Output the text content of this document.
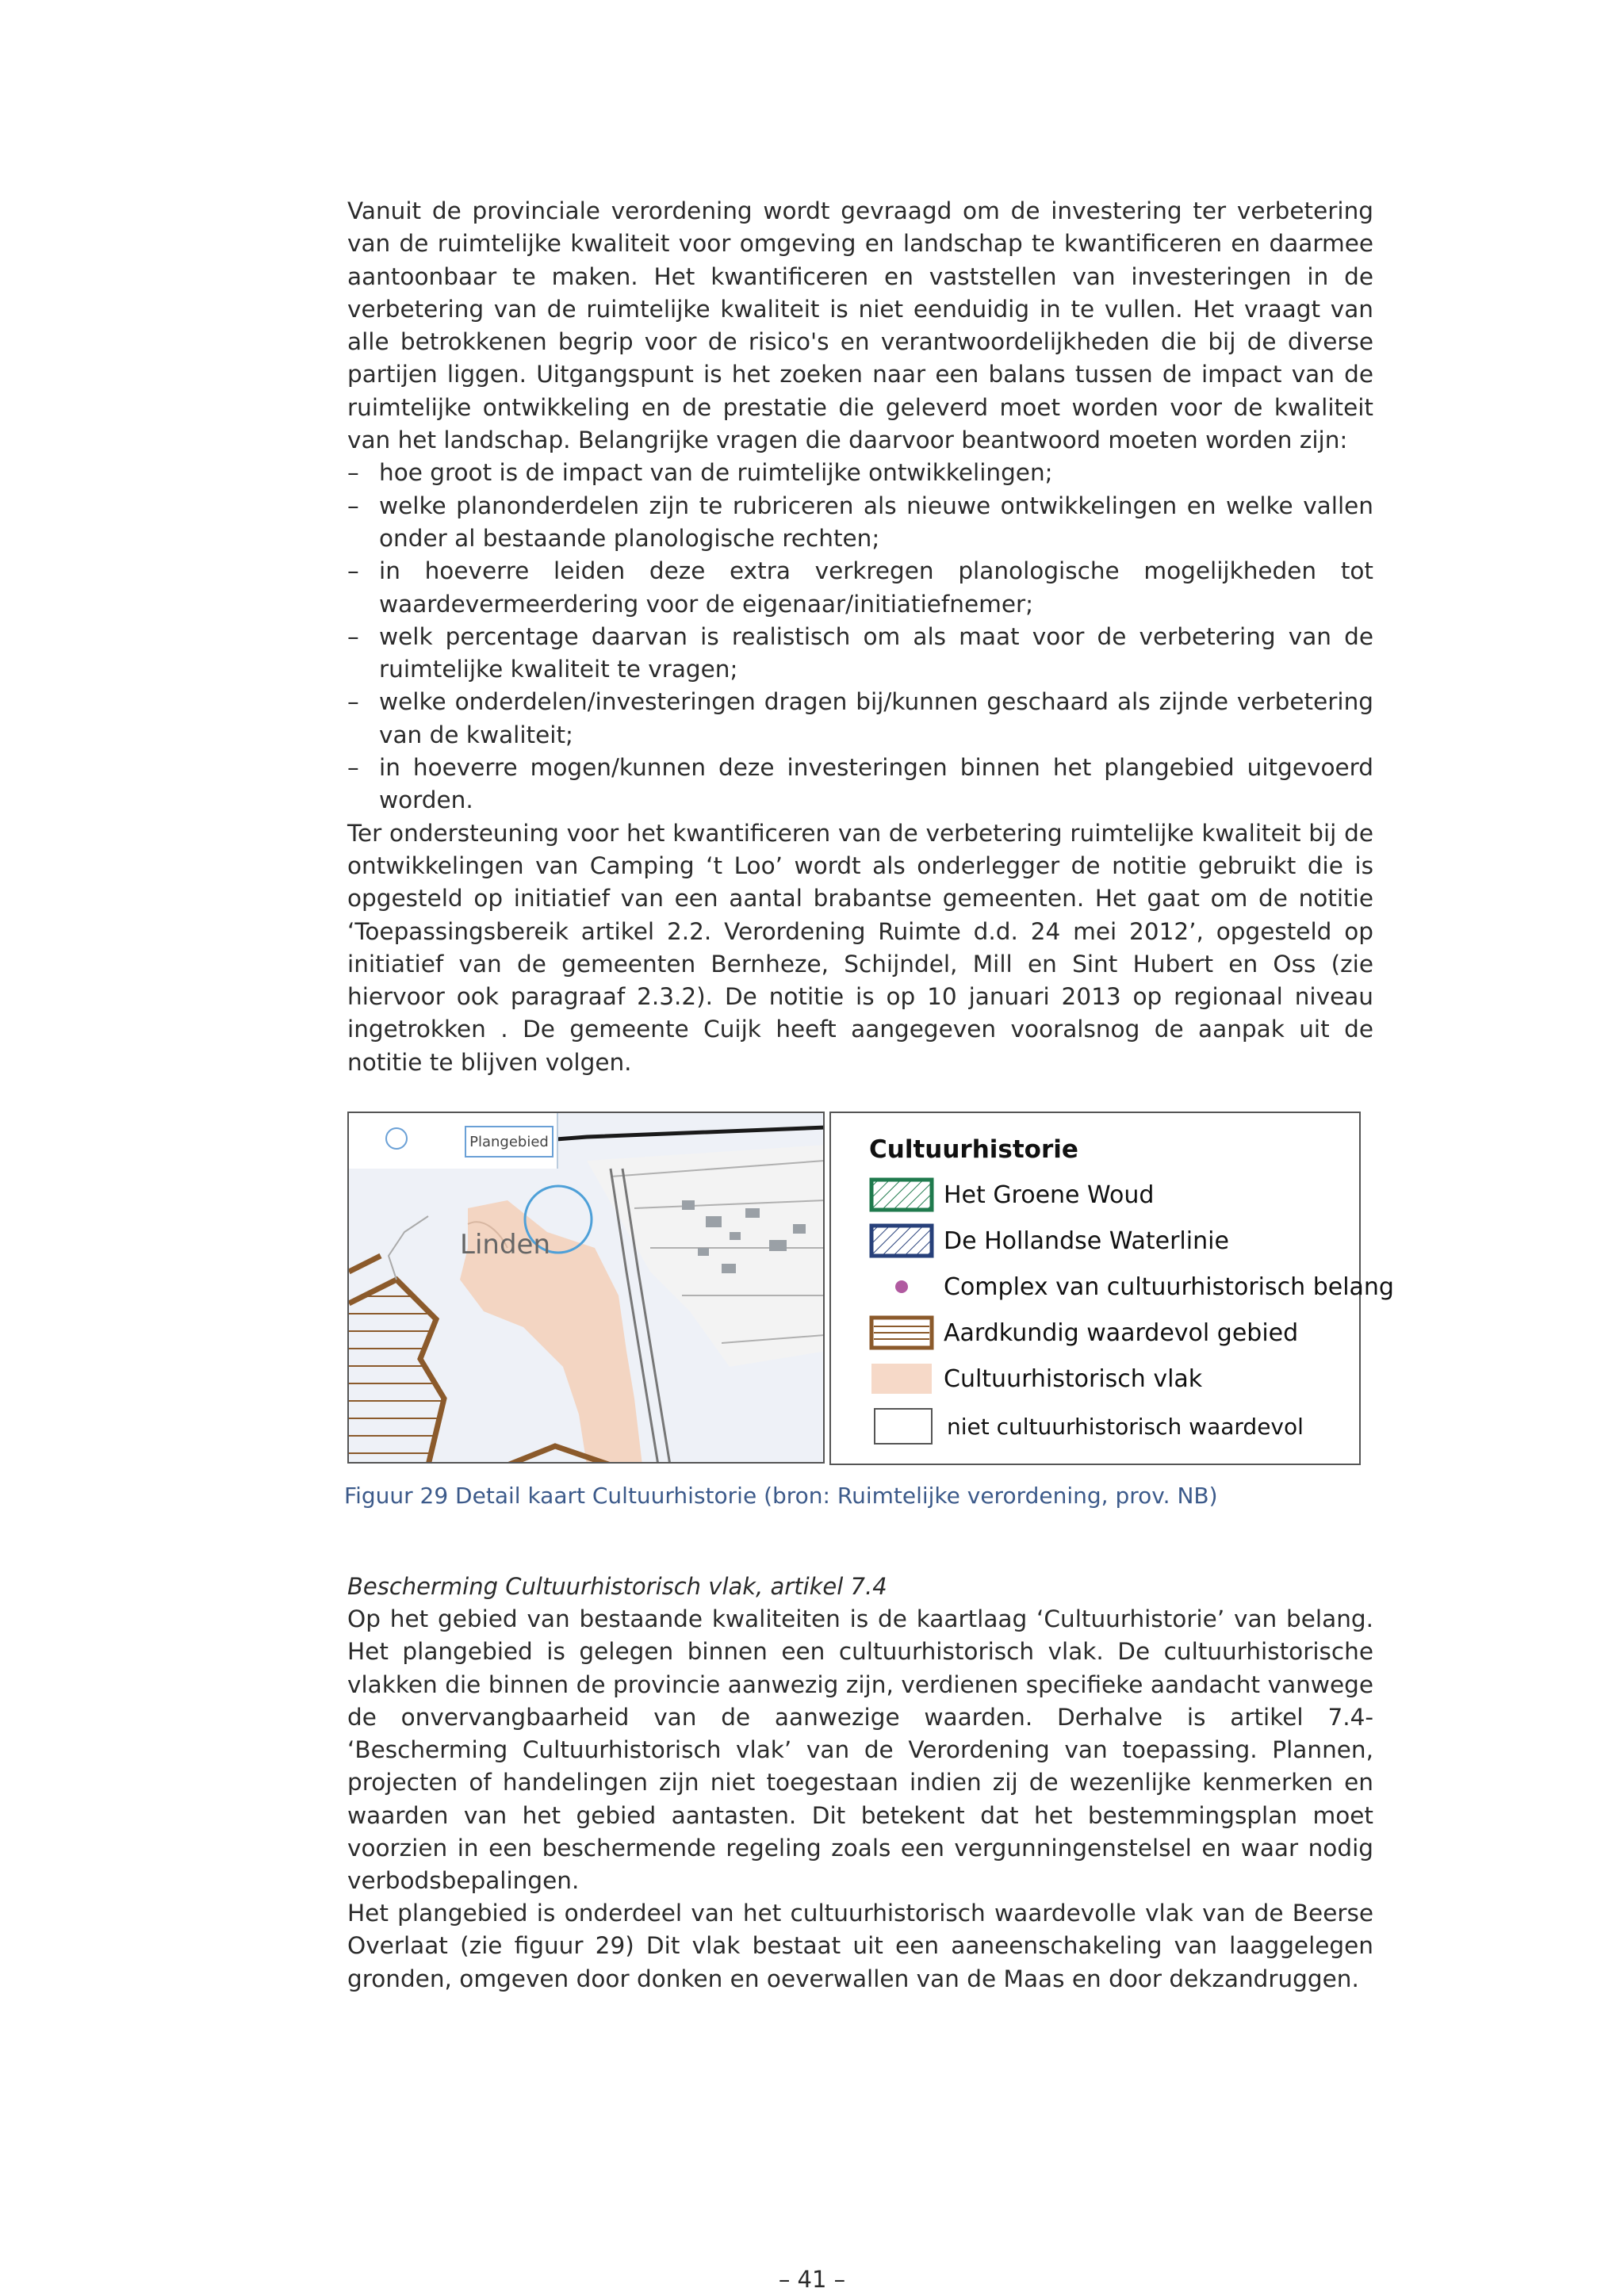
Vanuit de provinciale verordening wordt gevraagd om de investering ter verbetering van de ruimtelijke kwaliteit voor omgeving en landschap te kwantificeren en daarmee aantoonbaar te maken. Het kwantificeren en vaststellen van investeringen in de verbetering van de ruimtelijke kwaliteit is niet eenduidig in te vullen. Het vraagt van alle betrokkenen begrip voor de risico's en verantwoordelijkheden die bij de diverse partijen liggen. Uitgangspunt is het zoeken naar een balans tussen de impact van de ruimtelijke ontwikkeling en de prestatie die geleverd moet worden voor de kwaliteit van het landschap. Belangrijke vragen die daarvoor beantwoord moeten worden zijn:

– hoe groot is de impact van de ruimtelijke ontwikkelingen;
– welke planonderdelen zijn te rubriceren als nieuwe ontwikkelingen en welke vallen onder al bestaande planologische rechten;
– in hoeverre leiden deze extra verkregen planologische mogelijkheden tot waardevermeerdering voor de eigenaar/initiatiefnemer;
– welk percentage daarvan is realistisch om als maat voor de verbetering van de ruimtelijke kwaliteit te vragen;
– welke onderdelen/investeringen dragen bij/kunnen geschaard als zijnde verbetering van de kwaliteit;
– in hoeverre mogen/kunnen deze investeringen binnen het plangebied uitgevoerd worden.

Ter ondersteuning voor het kwantificeren van de verbetering ruimtelijke kwaliteit bij de ontwikkelingen van Camping ‘t Loo’ wordt als onderlegger de notitie gebruikt die is opgesteld op initiatief van een aantal brabantse gemeenten. Het gaat om de notitie ‘Toepassingsbereik artikel 2.2. Verordening Ruimte d.d. 24 mei 2012’, opgesteld op initiatief van de gemeenten Bernheze, Schijndel, Mill en Sint Hubert en Oss (zie hiervoor ook paragraaf 2.3.2). De notitie is op 10 januari 2013 op regionaal niveau ingetrokken . De gemeente Cuijk heeft aangegeven vooralsnog de aanpak uit de notitie te blijven volgen.

Plangebied
Linden
Cultuurhistorie
Het Groene Woud
De Hollandse Waterlinie
Complex van cultuurhistorisch belang
Aardkundig waardevol gebied
Cultuurhistorisch vlak
niet cultuurhistorisch waardevol
Figuur 29 Detail kaart Cultuurhistorie (bron: Ruimtelijke verordening, prov. NB)
Bescherming Cultuurhistorisch vlak, artikel 7.4

Op het gebied van bestaande kwaliteiten is de kaartlaag ‘Cultuurhistorie’ van belang. Het plangebied is gelegen binnen een cultuurhistorisch vlak. De cultuurhistorische vlakken die binnen de provincie aanwezig zijn, verdienen specifieke aandacht vanwege de onvervangbaarheid van de aanwezige waarden. Derhalve is artikel 7.4- ‘Bescherming Cultuurhistorisch vlak’ van de Verordening van toepassing. Plannen, projecten of handelingen zijn niet toegestaan indien zij de wezenlijke kenmerken en waarden van het gebied aantasten. Dit betekent dat het bestemmingsplan moet voorzien in een beschermende regeling zoals een vergunningenstelsel en waar nodig verbodsbepalingen.

Het plangebied is onderdeel van het cultuurhistorisch waardevolle vlak van de Beerse Overlaat (zie figuur 29) Dit vlak bestaat uit een aaneenschakeling van laaggelegen gronden, omgeven door donken en oeverwallen van de Maas en door dekzandruggen.

– 41 –
